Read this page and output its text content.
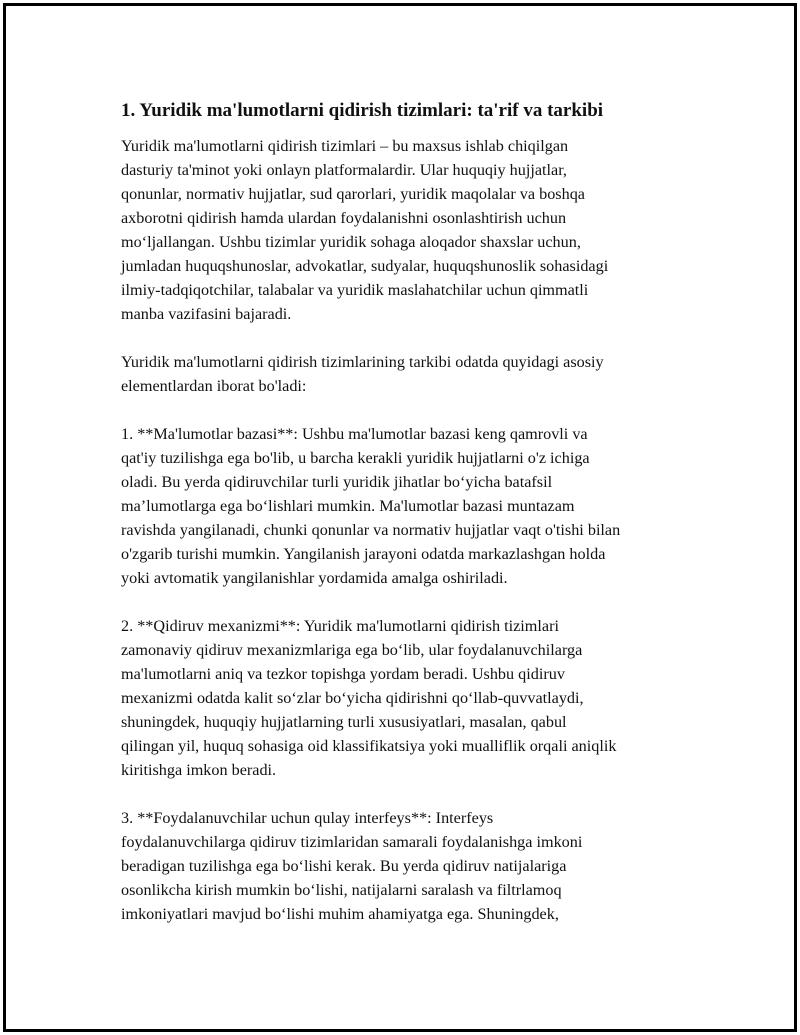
1. Yuridik ma'lumotlarni qidirish tizimlari: ta'rif va tarkibi
Yuridik ma'lumotlarni qidirish tizimlari – bu maxsus ishlab chiqilgan
dasturiy ta'minot yoki onlayn platformalardir. Ular huquqiy hujjatlar,
qonunlar, normativ hujjatlar, sud qarorlari, yuridik maqolalar va boshqa
axborotni qidirish hamda ulardan foydalanishni osonlashtirish uchun
mo‘ljallangan. Ushbu tizimlar yuridik sohaga aloqador shaxslar uchun,
jumladan huquqshunoslar, advokatlar, sudyalar, huquqshunoslik sohasidagi
ilmiy-tadqiqotchilar, talabalar va yuridik maslahatchilar uchun qimmatli
manba vazifasini bajaradi.
Yuridik ma'lumotlarni qidirish tizimlarining tarkibi odatda quyidagi asosiy
elementlardan iborat bo'ladi:
1. **Ma'lumotlar bazasi**: Ushbu ma'lumotlar bazasi keng qamrovli va
qat'iy tuzilishga ega bo'lib, u barcha kerakli yuridik hujjatlarni o'z ichiga
oladi. Bu yerda qidiruvchilar turli yuridik jihatlar bo‘yicha batafsil
ma’lumotlarga ega bo‘lishlari mumkin. Ma'lumotlar bazasi muntazam
ravishda yangilanadi, chunki qonunlar va normativ hujjatlar vaqt o'tishi bilan
o'zgarib turishi mumkin. Yangilanish jarayoni odatda markazlashgan holda
yoki avtomatik yangilanishlar yordamida amalga oshiriladi.
2. **Qidiruv mexanizmi**: Yuridik ma'lumotlarni qidirish tizimlari
zamonaviy qidiruv mexanizmlariga ega bo‘lib, ular foydalanuvchilarga
ma'lumotlarni aniq va tezkor topishga yordam beradi. Ushbu qidiruv
mexanizmi odatda kalit so‘zlar bo‘yicha qidirishni qo‘llab-quvvatlaydi,
shuningdek, huquqiy hujjatlarning turli xususiyatlari, masalan, qabul
qilingan yil, huquq sohasiga oid klassifikatsiya yoki mualliflik orqali aniqlik
kiritishga imkon beradi.
3. **Foydalanuvchilar uchun qulay interfeys**: Interfeys
foydalanuvchilarga qidiruv tizimlaridan samarali foydalanishga imkoni
beradigan tuzilishga ega bo‘lishi kerak. Bu yerda qidiruv natijalariga
osonlikcha kirish mumkin bo‘lishi, natijalarni saralash va filtrlamoq
imkoniyatlari mavjud bo‘lishi muhim ahamiyatga ega. Shuningdek,
